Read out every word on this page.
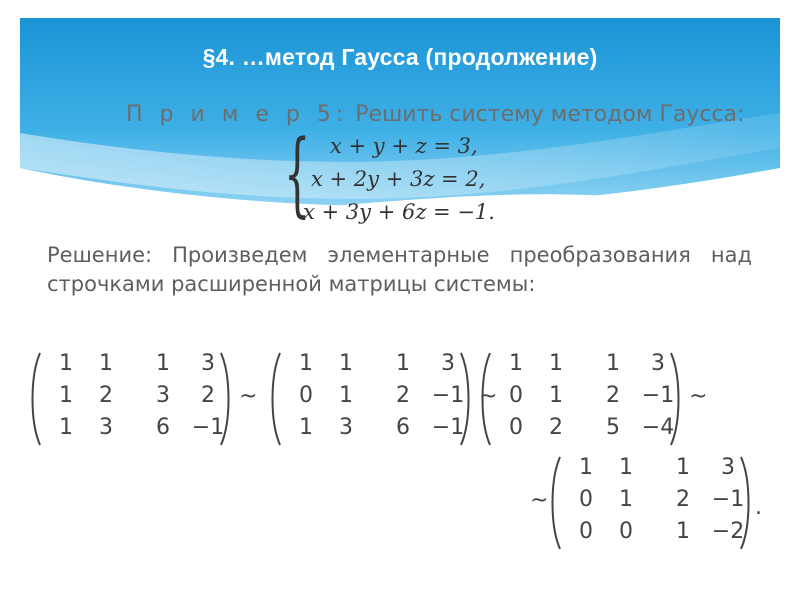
§4. …метод Гаусса (продолжение)
П р и м е р 5: Решить систему методом Гаусса:
{ x + y + z = 3,
x + 2y + 3z = 2,
x + 3y + 6z = −1.
Решение: Произведем элементарные преобразования над строчками расширенной матрицы системы:
1 1 1	3
1 2 3	2
1 3 6 −1
~
1 1 1	3
0 1 2 −1
1 3 6 −1
~
1 1 1	3
0 1 2 −1
0 2 5 −4
~
1 1 1	3
0 1 2 −1
0 0 1 −2
~	.
